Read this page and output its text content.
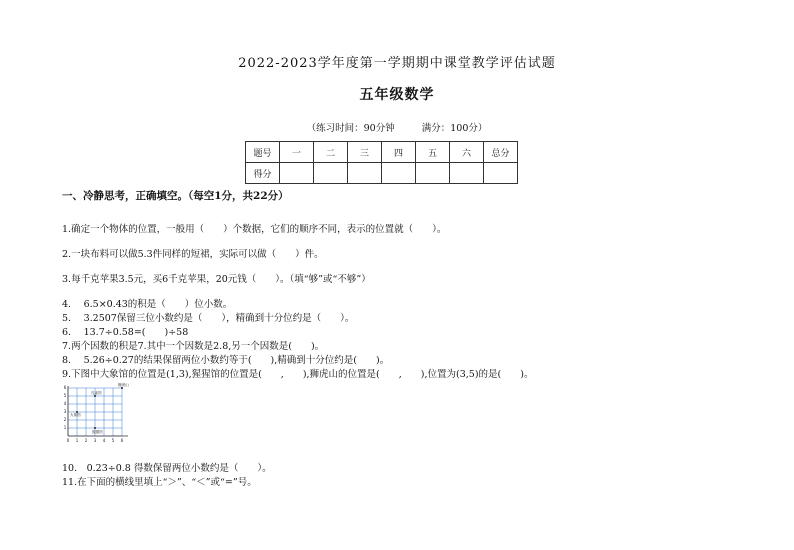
2022-2023学年度第一学期期中课堂教学评估试题
五年级数学
（练习时间：90分钟	满分：100分）
题号	一	二	三	四	五	六	总分
得分							
一、冷静思考，正确填空。（每空1分，共22分）
1.确定一个物体的位置，一般用（　　）个数据，它们的顺序不同，表示的位置就（　　）。
2.一块布料可以做5.3件同样的短裙，实际可以做（　　）件。
3.每千克苹果3.5元，买6千克苹果，20元钱（　　）。（填“够”或“不够”）
4.　 6.5×0.43的积是（　　）位小数。
5.　 3.2507保留三位小数约是（　　），精确到十分位约是（　　）。
6.　 13.7÷0.58=(　　)÷58
7.两个因数的积是7.其中一个因数是2.8,另一个因数是(　　)。
8.　 5.26÷0.27的结果保留两位小数约等于(　　),精确到十分位约是(　　)。
9.下图中大象馆的位置是(1,3),猩猩馆的位置是(　　,　　),狮虎山的位置是(　　,　　),位置为(3,5)的是(　　)。
0 1 2 3 4 5 6
1
2
3
4
5
6
孔雀馆
狮虎山
大象馆
猩猩馆
10.　0.23÷0.8 得数保留两位小数约是（　　）。
11.在下面的横线里填上“＞”、“＜”或“=”号。
